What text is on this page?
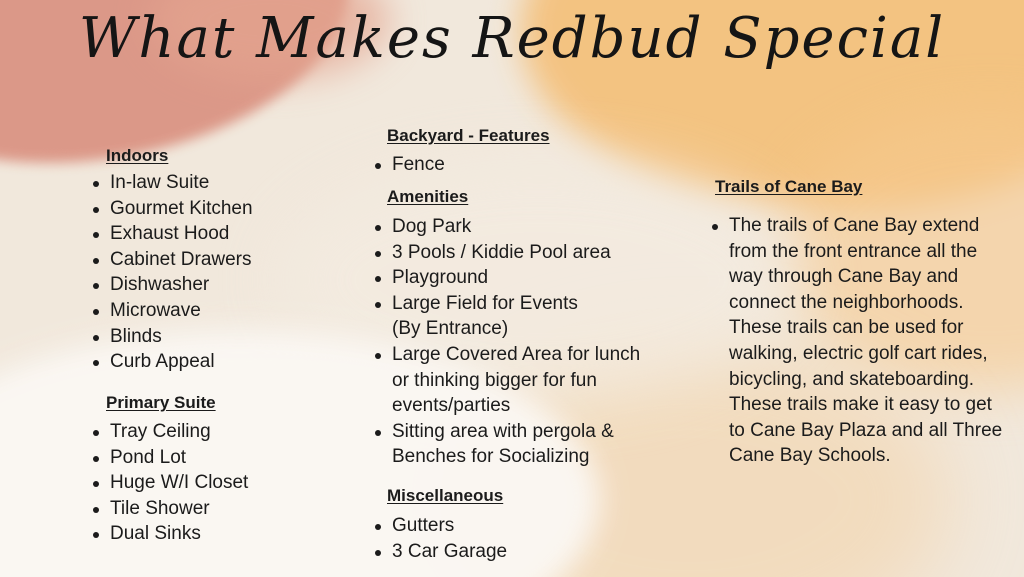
What Makes Redbud Special
Indoors
In-law Suite
Gourmet Kitchen
Exhaust Hood
Cabinet Drawers
Dishwasher
Microwave
Blinds
Curb Appeal
Primary Suite
Tray Ceiling
Pond Lot
Huge W/I Closet
Tile Shower
Dual Sinks
Backyard - Features
Fence
Amenities
Dog Park
3 Pools / Kiddie Pool area
Playground
Large Field for Events (By Entrance)
Large Covered Area for lunch or thinking bigger for fun events/parties
Sitting area with pergola & Benches for Socializing
Miscellaneous
Gutters
3 Car Garage
Trails of Cane Bay
The trails of Cane Bay extend from the front entrance all the way through Cane Bay and connect the neighborhoods. These trails can be used for walking, electric golf cart rides, bicycling, and skateboarding. These trails make it easy to get to Cane Bay Plaza and all Three Cane Bay Schools.
